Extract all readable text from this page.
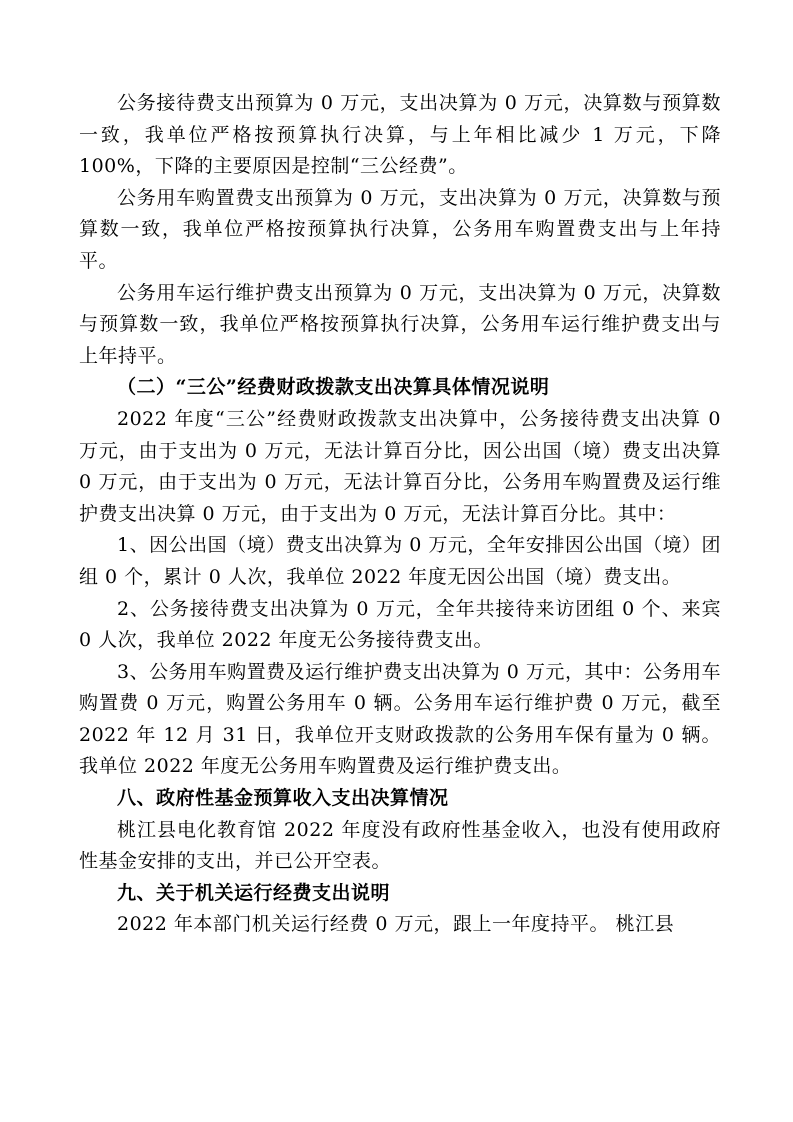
公务接待费支出预算为 0 万元，支出决算为 0 万元，决算数与预算数一致，我单位严格按预算执行决算，与上年相比减少 1 万元，下降 100%，下降的主要原因是控制“三公经费”。

公务用车购置费支出预算为 0 万元，支出决算为 0 万元，决算数与预算数一致，我单位严格按预算执行决算，公务用车购置费支出与上年持平。

公务用车运行维护费支出预算为 0 万元，支出决算为 0 万元，决算数与预算数一致，我单位严格按预算执行决算，公务用车运行维护费支出与上年持平。

（二）“三公”经费财政拨款支出决算具体情况说明

2022 年度“三公”经费财政拨款支出决算中，公务接待费支出决算 0 万元，由于支出为 0 万元，无法计算百分比，因公出国（境）费支出决算 0 万元，由于支出为 0 万元，无法计算百分比，公务用车购置费及运行维护费支出决算 0 万元，由于支出为 0 万元，无法计算百分比。其中：

1、因公出国（境）费支出决算为 0 万元，全年安排因公出国（境）团组 0 个，累计 0 人次，我单位 2022 年度无因公出国（境）费支出。

2、公务接待费支出决算为 0 万元，全年共接待来访团组 0 个、来宾 0 人次，我单位 2022 年度无公务接待费支出。

3、公务用车购置费及运行维护费支出决算为 0 万元，其中：公务用车购置费 0 万元，购置公务用车 0 辆。公务用车运行维护费 0 万元，截至 2022 年 12 月 31 日，我单位开支财政拨款的公务用车保有量为 0 辆。我单位 2022 年度无公务用车购置费及运行维护费支出。

八、政府性基金预算收入支出决算情况

桃江县电化教育馆 2022 年度没有政府性基金收入，也没有使用政府性基金安排的支出，并已公开空表。

九、关于机关运行经费支出说明

2022 年本部门机关运行经费 0 万元，跟上一年度持平。 桃江县
